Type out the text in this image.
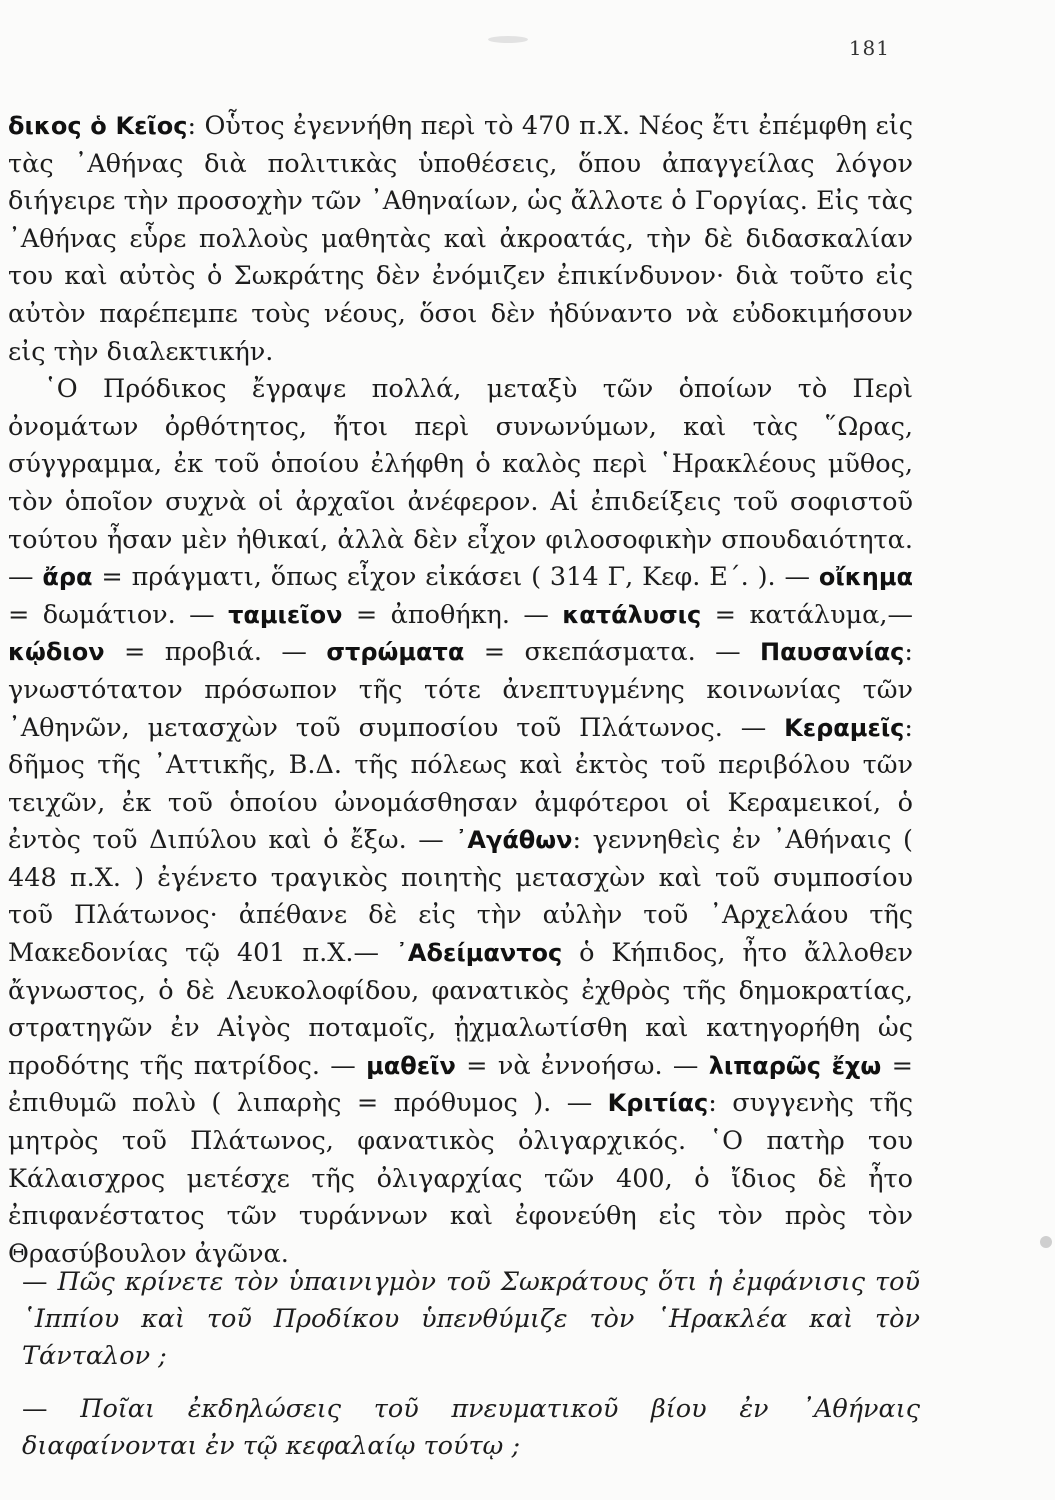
181

δικος ὁ Κεῖος: Οὗτος ἐγεννήθη περὶ τὸ 470 π.Χ. Νέος ἔτι ἐπέμφθη εἰς τὰς ᾽Αθήνας διὰ πολιτικὰς ὑποθέσεις, ὅπου ἀπαγγείλας λόγον διήγειρε τὴν προσοχὴν τῶν ᾽Αθηναίων, ὡς ἄλλοτε ὁ Γοργίας. Εἰς τὰς ᾽Αθήνας εὗρε πολλοὺς μαθητὰς καὶ ἀκροατάς, τὴν δὲ διδασκαλίαν του καὶ αὐτὸς ὁ Σωκράτης δὲν ἐνόμιζεν ἐπικίνδυνον· διὰ τοῦτο εἰς αὐτὸν παρέπεμπε τοὺς νέους, ὅσοι δὲν ἠδύναντο νὰ εὐδοκιμήσουν εἰς τὴν διαλεκτικήν.

῾Ο Πρόδικος ἔγραψε πολλά, μεταξὺ τῶν ὁποίων τὸ Περὶ ὀνομάτων ὀρθότητος, ἤτοι περὶ συνωνύμων, καὶ τὰς ῞Ωρας, σύγγραμμα, ἐκ τοῦ ὁποίου ἐλήφθη ὁ καλὸς περὶ ῾Ηρακλέους μῦθος, τὸν ὁποῖον συχνὰ οἱ ἀρχαῖοι ἀνέφερον. Αἱ ἐπιδείξεις τοῦ σοφιστοῦ τούτου ἦσαν μὲν ἠθικαί, ἀλλὰ δὲν εἶχον φιλοσοφικὴν σπουδαιότητα. — ἄρα = πράγματι, ὅπως εἶχον εἰκάσει ( 314 Γ, Κεφ. Ε΄. ). — οἴκημα = δωμάτιον. — ταμιεῖον = ἀποθήκη. — κατάλυσις = κατάλυμα,— κῴδιον = προβιά. — στρώματα = σκεπάσματα. — Παυσανίας: γνωστότατον πρόσωπον τῆς τότε ἀνεπτυγμένης κοινωνίας τῶν ᾽Αθηνῶν, μετασχὼν τοῦ συμποσίου τοῦ Πλάτωνος. — Κεραμεῖς: δῆμος τῆς ᾽Αττικῆς, Β.Δ. τῆς πόλεως καὶ ἐκτὸς τοῦ περιβόλου τῶν τειχῶν, ἐκ τοῦ ὁποίου ὠνομάσθησαν ἀμφότεροι οἱ Κεραμεικοί, ὁ ἐντὸς τοῦ Διπύλου καὶ ὁ ἔξω. — ᾽Αγάθων: γεννηθεὶς ἐν ᾽Αθήναις ( 448 π.Χ. ) ἐγένετο τραγικὸς ποιητὴς μετασχὼν καὶ τοῦ συμποσίου τοῦ Πλάτωνος· ἀπέθανε δὲ εἰς τὴν αὐλὴν τοῦ ᾽Αρχελάου τῆς Μακεδονίας τῷ 401 π.Χ.— ᾽Αδείμαντος ὁ Κήπιδος, ἦτο ἄλλοθεν ἄγνωστος, ὁ δὲ Λευκολοφίδου, φανατικὸς ἐχθρὸς τῆς δημοκρατίας, στρατηγῶν ἐν Αἰγὸς ποταμοῖς, ᾐχμαλωτίσθη καὶ κατηγορήθη ὡς προδότης τῆς πατρίδος. — μαθεῖν = νὰ ἐννοήσω. — λιπαρῶς ἔχω = ἐπιθυμῶ πολὺ ( λιπαρὴς = πρόθυμος ). — Κριτίας: συγγενὴς τῆς μητρὸς τοῦ Πλάτωνος, φανατικὸς ὀλιγαρχικός. ῾Ο πατὴρ του Κάλαισχρος μετέσχε τῆς ὀλιγαρχίας τῶν 400, ὁ ἴδιος δὲ ἦτο ἐπιφανέστατος τῶν τυράννων καὶ ἐφονεύθη εἰς τὸν πρὸς τὸν Θρασύβουλον ἀγῶνα.

— Πῶς κρίνετε τὸν ὑπαινιγμὸν τοῦ Σωκράτους ὅτι ἡ ἐμφάνισις τοῦ ῾Ιππίου καὶ τοῦ Προδίκου ὑπενθύμιζε τὸν ῾Ηρακλέα καὶ τὸν Τάνταλον ;

— Ποῖαι ἐκδηλώσεις τοῦ πνευματικοῦ βίου ἐν ᾽Αθήναις διαφαίνονται ἐν τῷ κεφαλαίῳ τούτῳ ;
